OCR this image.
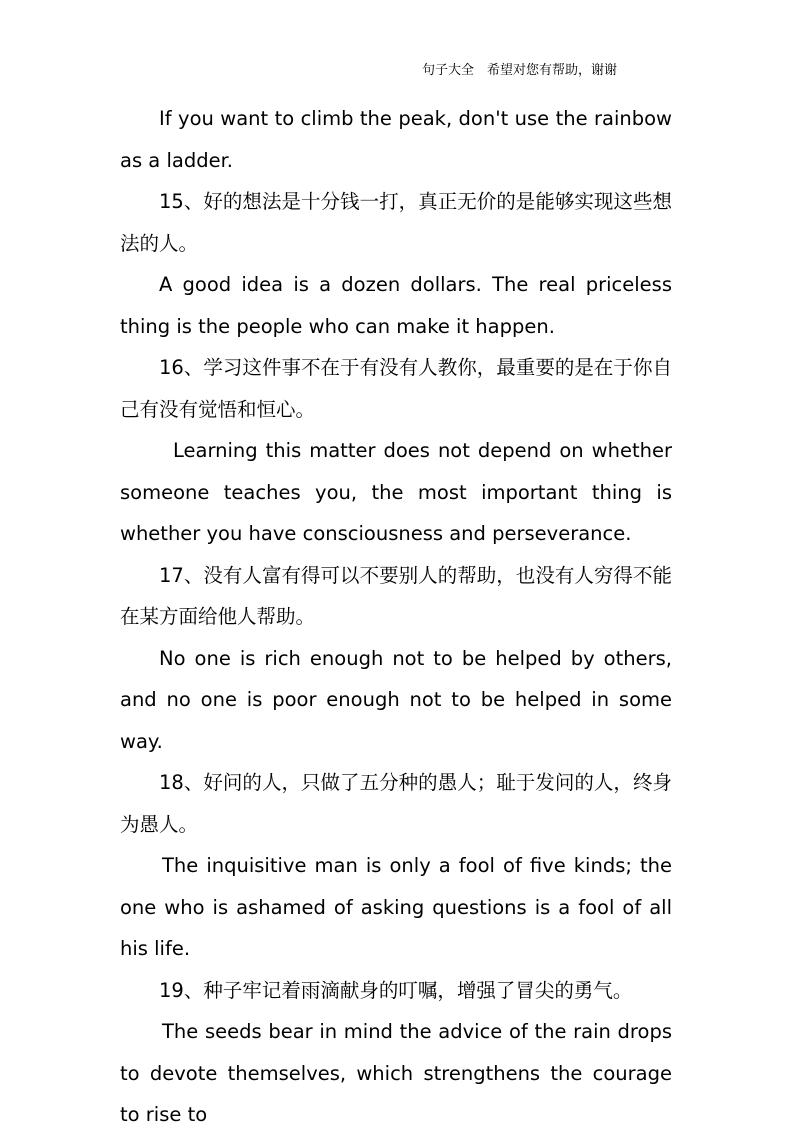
句子大全　希望对您有帮助，谢谢

If you want to climb the peak, don't use the rainbow as a ladder.

15、好的想法是十分钱一打，真正无价的是能够实现这些想法的人。

A good idea is a dozen dollars. The real priceless thing is the people who can make it happen.

16、学习这件事不在于有没有人教你，最重要的是在于你自己有没有觉悟和恒心。

Learning this matter does not depend on whether someone teaches you, the most important thing is whether you have consciousness and perseverance.

17、没有人富有得可以不要别人的帮助，也没有人穷得不能在某方面给他人帮助。

No one is rich enough not to be helped by others, and no one is poor enough not to be helped in some way.

18、好问的人，只做了五分种的愚人；耻于发问的人，终身为愚人。

The inquisitive man is only a fool of five kinds; the one who is ashamed of asking questions is a fool of all his life.

19、种子牢记着雨滴献身的叮嘱，增强了冒尖的勇气。

The seeds bear in mind the advice of the rain drops to devote themselves, which strengthens the courage to rise to
